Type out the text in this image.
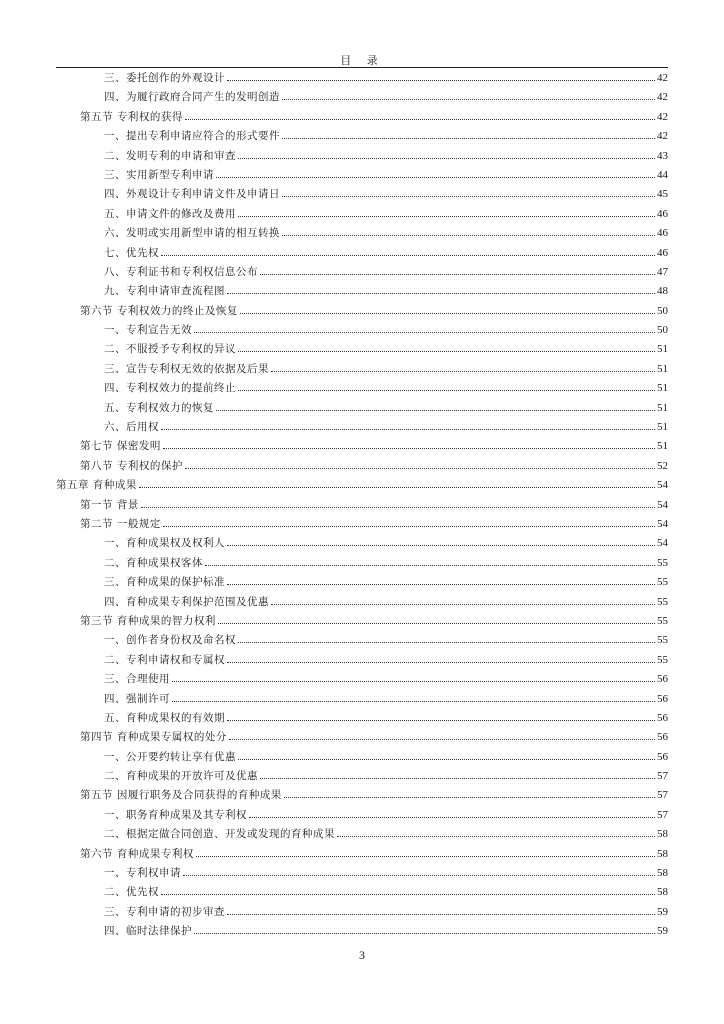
目 录
三、委托创作的外观设计	42
四、为履行政府合同产生的发明创造	42
第五节 专利权的获得	42
一、提出专利申请应符合的形式要件	42
二、发明专利的申请和审查	43
三、实用新型专利申请	44
四、外观设计专利申请文件及申请日	45
五、申请文件的修改及费用	46
六、发明或实用新型申请的相互转换	46
七、优先权	46
八、专利证书和专利权信息公布	47
九、专利申请审查流程图	48
第六节 专利权效力的终止及恢复	50
一、专利宣告无效	50
二、不服授予专利权的异议	51
三、宣告专利权无效的依据及后果	51
四、专利权效力的提前终止	51
五、专利权效力的恢复	51
六、后用权	51
第七节 保密发明	51
第八节 专利权的保护	52
第五章 育种成果	54
第一节 背景	54
第二节 一般规定	54
一、育种成果权及权利人	54
二、育种成果权客体	55
三、育种成果的保护标准	55
四、育种成果专利保护范围及优惠	55
第三节 育种成果的智力权利	55
一、创作者身份权及命名权	55
二、专利申请权和专属权	55
三、合理使用	56
四、强制许可	56
五、育种成果权的有效期	56
第四节 育种成果专属权的处分	56
一、公开要约转让享有优惠	56
二、育种成果的开放许可及优惠	57
第五节 因履行职务及合同获得的育种成果	57
一、职务育种成果及其专利权	57
二、根据定做合同创造、开发或发现的育种成果	58
第六节 育种成果专利权	58
一、专利权申请	58
二、优先权	58
三、专利申请的初步审查	59
四、临时法律保护	59
3
